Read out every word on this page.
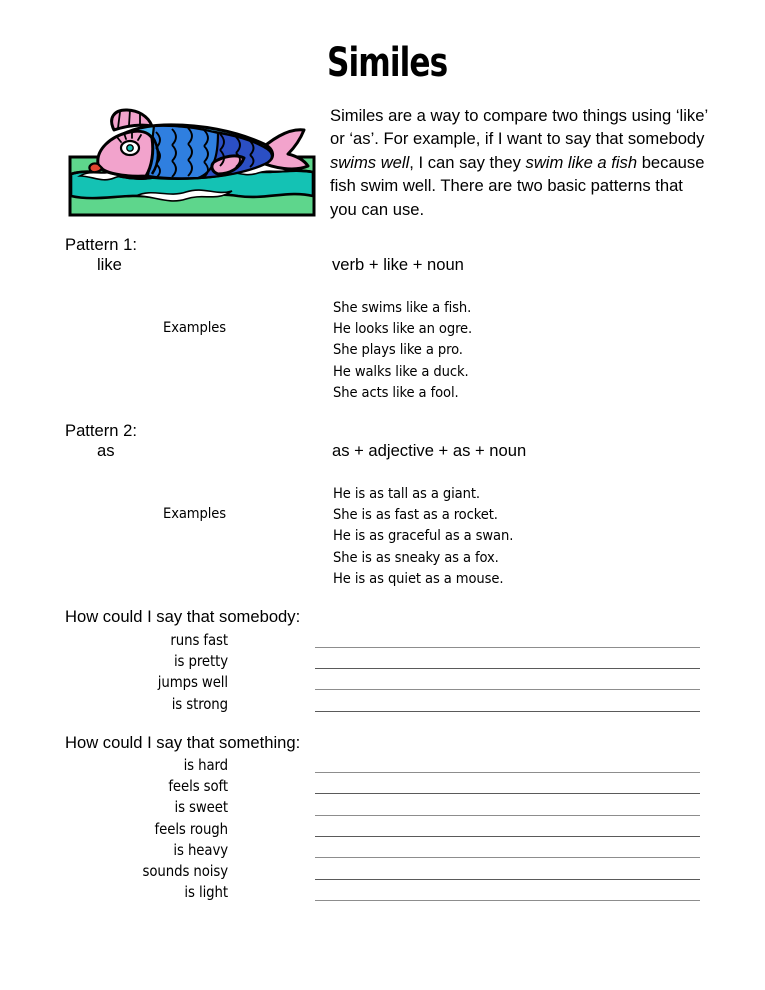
Similes
Similes are a way to compare two things using ‘like’ or ‘as’. For example, if I want to say that somebody swims well, I can say they swim like a fish because fish swim well. There are two basic patterns that you can use.
Pattern 1:
like	verb + like + noun
Examples
She swims like a fish.
He looks like an ogre.
She plays like a pro.
He walks like a duck.
She acts like a fool.
Pattern 2:
as	as + adjective + as + noun
Examples
He is as tall as a giant.
She is as fast as a rocket.
He is as graceful as a swan.
She is as sneaky as a fox.
He is as quiet as a mouse.
How could I say that somebody:
runs fast
is pretty
jumps well
is strong
How could I say that something:
is hard
feels soft
is sweet
feels rough
is heavy
sounds noisy
is light
